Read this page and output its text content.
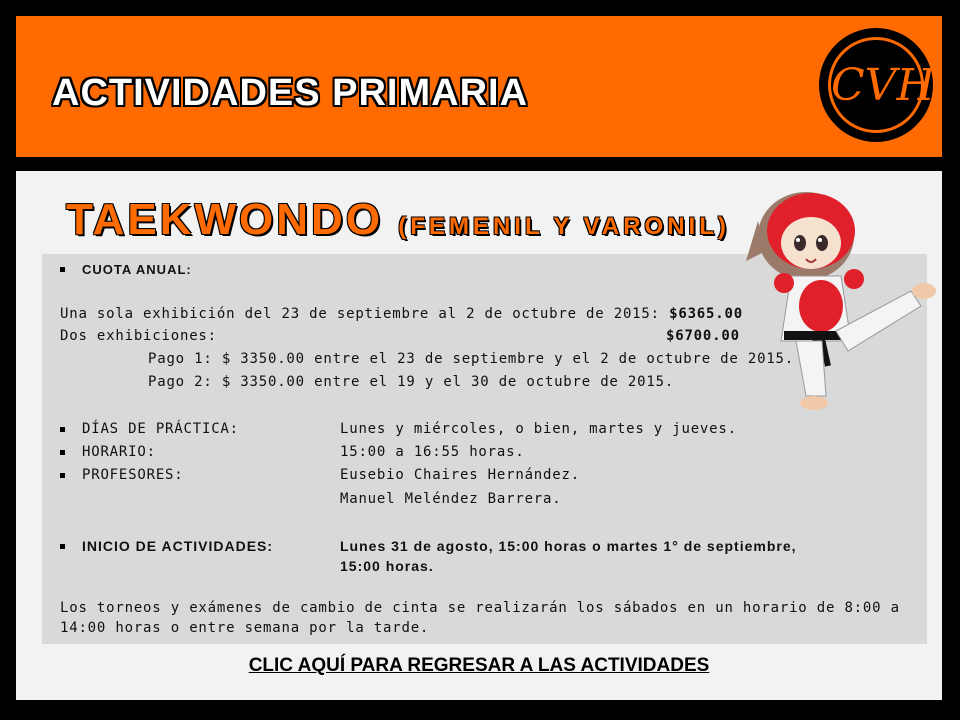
ACTIVIDADES PRIMARIA	CVH
TAEKWONDO (FEMENIL Y VARONIL)
CUOTA ANUAL:
Una sola exhibición del 23 de septiembre al 2 de octubre de 2015: $6365.00
Dos exhibiciones:	$6700.00
Pago 1: $ 3350.00 entre el 23 de septiembre y el 2 de octubre de 2015.
Pago 2: $ 3350.00 entre el 19 y el 30 de octubre de 2015.
DÍAS DE PRÁCTICA:	Lunes y miércoles, o bien, martes y jueves.
HORARIO:	15:00 a 16:55 horas.
PROFESORES:	Eusebio Chaires Hernández.
Manuel Meléndez Barrera.
INICIO DE ACTIVIDADES:	Lunes 31 de agosto, 15:00 horas o martes 1° de septiembre,
15:00 horas.
Los torneos y exámenes de cambio de cinta se realizarán los sábados en un horario de 8:00 a
14:00 horas o entre semana por la tarde.
CLIC AQUÍ PARA REGRESAR A LAS ACTIVIDADES
